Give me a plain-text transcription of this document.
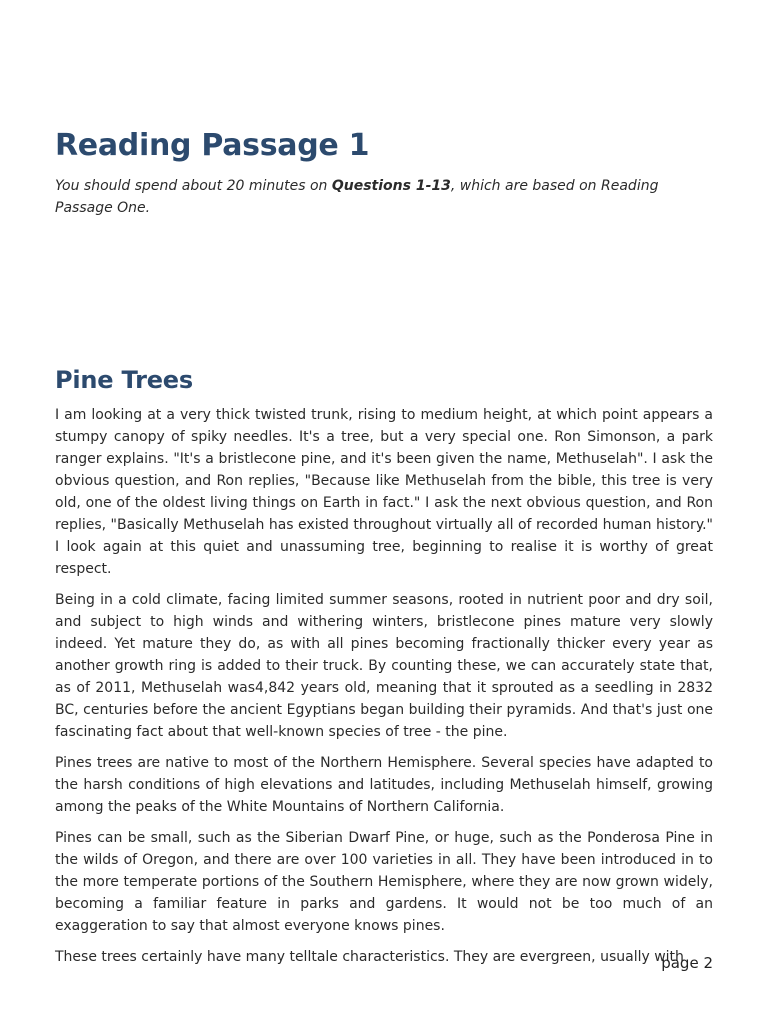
Reading Passage 1

You should spend about 20 minutes on Questions 1-13, which are based on Reading Passage One.

Pine Trees

I am looking at a very thick twisted trunk, rising to medium height, at which point appears a stumpy canopy of spiky needles. It's a tree, but a very special one. Ron Simonson, a park ranger explains. "It's a bristlecone pine, and it's been given the name, Methuselah". I ask the obvious question, and Ron replies, "Because like Methuselah from the bible, this tree is very old, one of the oldest living things on Earth in fact." I ask the next obvious question, and Ron replies, "Basically Methuselah has existed throughout virtually all of recorded human history." I look again at this quiet and unassuming tree, beginning to realise it is worthy of great respect.

Being in a cold climate, facing limited summer seasons, rooted in nutrient poor and dry soil, and subject to high winds and withering winters, bristlecone pines mature very slowly indeed. Yet mature they do, as with all pines becoming fractionally thicker every year as another growth ring is added to their truck. By counting these, we can accurately state that, as of 2011, Methuselah was4,842 years old, meaning that it sprouted as a seedling in 2832 BC, centuries before the ancient Egyptians began building their pyramids. And that's just one fascinating fact about that well-known species of tree - the pine.

Pines trees are native to most of the Northern Hemisphere. Several species have adapted to the harsh conditions of high elevations and latitudes, including Methuselah himself, growing among the peaks of the White Mountains of Northern California.

Pines can be small, such as the Siberian Dwarf Pine, or huge, such as the Ponderosa Pine in the wilds of Oregon, and there are over 100 varieties in all. They have been introduced in to the more temperate portions of the Southern Hemisphere, where they are now grown widely, becoming a familiar feature in parks and gardens. It would not be too much of an exaggeration to say that almost everyone knows pines.

These trees certainly have many telltale characteristics. They are evergreen, usually with

page 2
